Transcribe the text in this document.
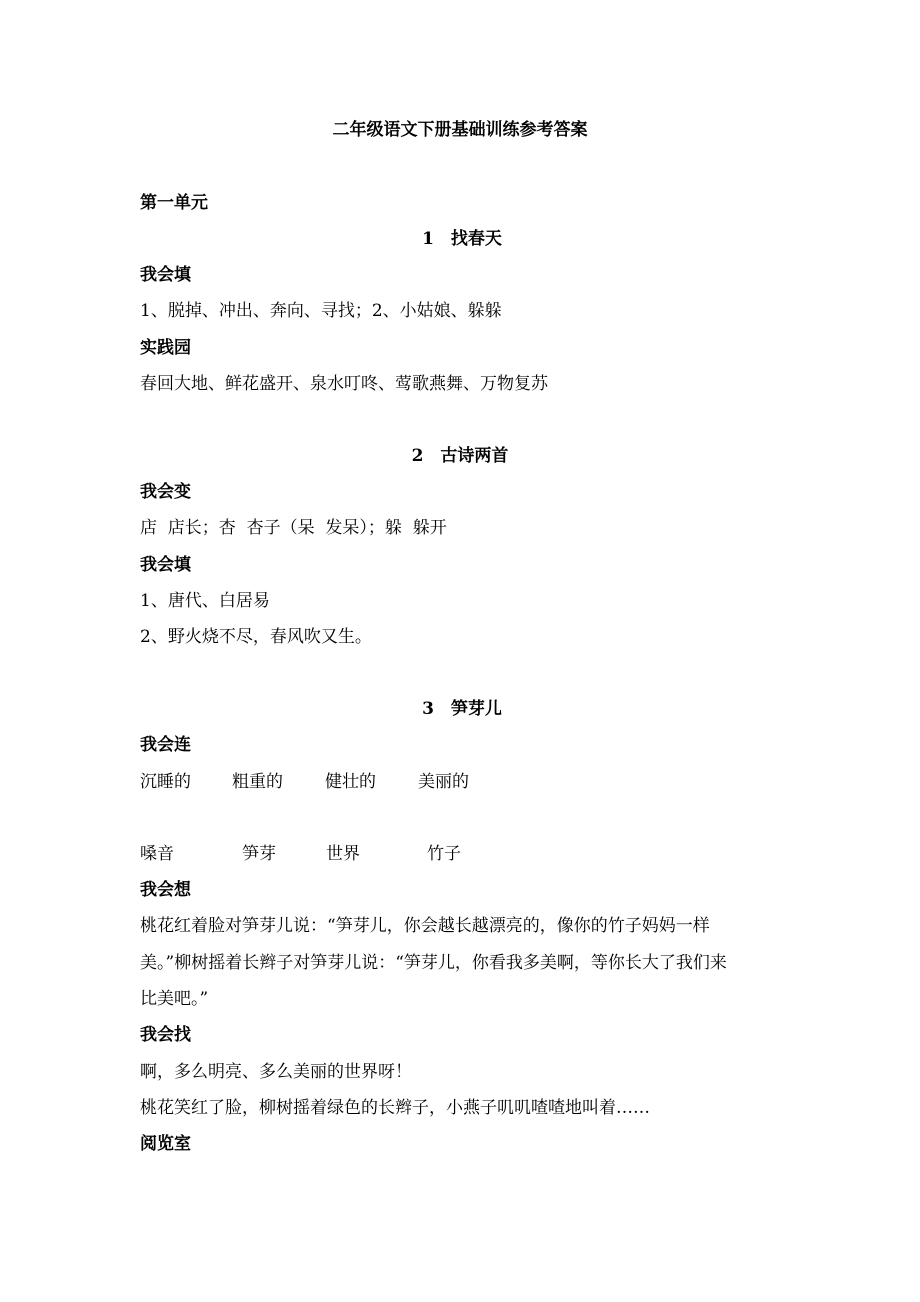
二年级语文下册基础训练参考答案
第一单元
1　找春天
我会填
1、脱掉、冲出、奔向、寻找；2、小姑娘、躲躲
实践园
春回大地、鲜花盛开、泉水叮咚、莺歌燕舞、万物复苏
2　古诗两首
我会变
店  店长；杏  杏子（呆  发呆）；躲  躲开
我会填
1、唐代、白居易
2、野火烧不尽，春风吹又生。
3　笋芽儿
我会连
沉睡的 粗重的 健壮的 美丽的
嗓音	笋芽	世界	竹子
我会想
桃花红着脸对笋芽儿说：“笋芽儿，你会越长越漂亮的，像你的竹子妈妈一样
美。”柳树摇着长辫子对笋芽儿说：“笋芽儿，你看我多美啊，等你长大了我们来
比美吧。”
我会找
啊，多么明亮、多么美丽的世界呀！
桃花笑红了脸，柳树摇着绿色的长辫子，小燕子叽叽喳喳地叫着……
阅览室
